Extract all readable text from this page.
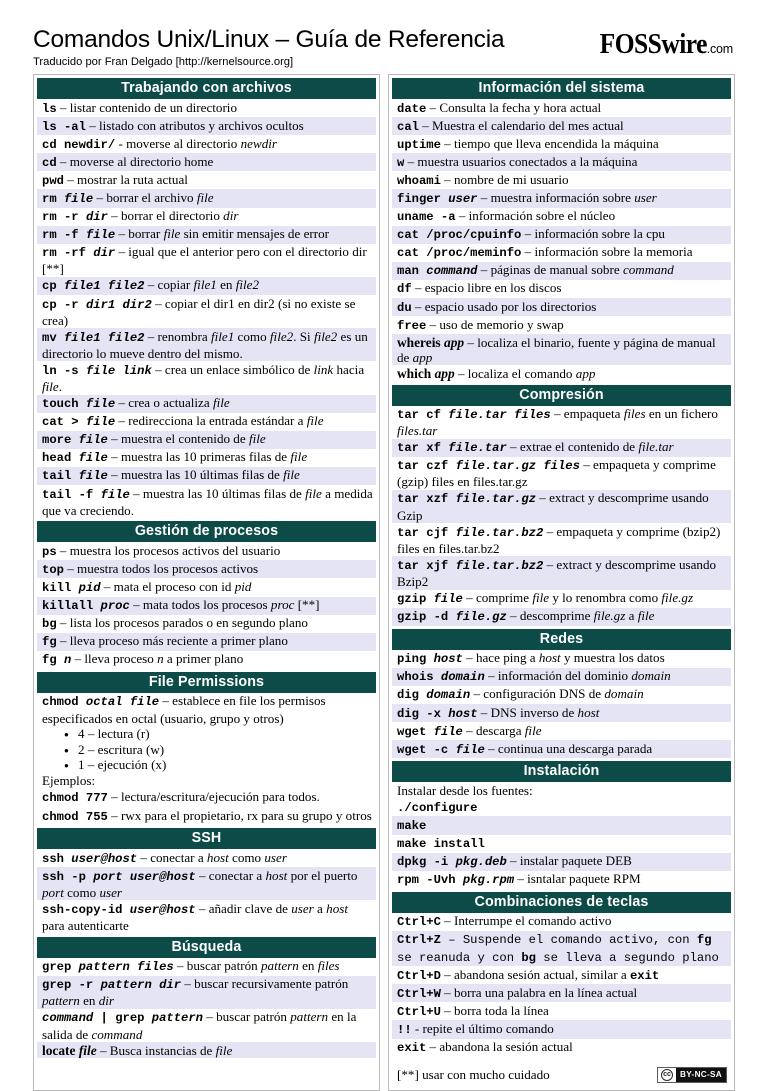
Comandos Unix/Linux – Guía de Referencia
Traducido por Fran Delgado [http://kernelsource.org]
FOSSwire.com
Trabajando con archivos
ls – listar contenido de un directorio
ls -al – listado con atributos y archivos ocultos
cd newdir/ - moverse al directorio newdir
cd – moverse al directorio home
pwd – mostrar la ruta actual
rm file – borrar el archivo file
rm -r dir – borrar el directorio dir
rm -f file – borrar file sin emitir mensajes de error
rm -rf dir – igual que el anterior pero con el directorio dir [**]
cp file1 file2 – copiar file1 en file2
cp -r dir1 dir2 – copiar el dir1 en dir2 (si no existe se crea)
mv file1 file2 – renombra file1 como file2. Si file2 es un directorio lo mueve dentro del mismo.
ln -s file link – crea un enlace simbólico de link hacia file.
touch file – crea o actualiza file
cat > file – redirecciona la entrada estándar a file
more file – muestra el contenido de file
head file – muestra las 10 primeras filas de file
tail file – muestra las 10 últimas filas de file
tail -f file – muestra las 10 últimas filas de file a medida que va creciendo.
Gestión de procesos
ps – muestra los procesos activos del usuario
top – muestra todos los procesos activos
kill pid – mata el proceso con id pid
killall proc – mata todos los procesos proc [**]
bg – lista los procesos parados o en segundo plano
fg – lleva proceso más reciente a primer plano
fg n – lleva proceso n a primer plano
File Permissions
chmod octal file – establece en file los permisos especificados en octal (usuario, grupo y otros)
● 4 – lectura (r)
● 2 – escritura (w)
● 1 – ejecución (x)
Ejemplos:
chmod 777 – lectura/escritura/ejecución para todos.
chmod 755 – rwx para el propietario, rx para su grupo y otros
SSH
ssh user@host – conectar a host como user
ssh -p port user@host – conectar a host por el puerto port como user
ssh-copy-id user@host – añadir clave de user a host para autenticarte
Búsqueda
grep pattern files – buscar patrón pattern en files
grep -r pattern dir – buscar recursivamente patrón pattern en dir
command | grep pattern – buscar patrón pattern en la salida de command
locate file – Busca instancias de file
Información del sistema
date – Consulta la fecha y hora actual
cal – Muestra el calendario del mes actual
uptime – tiempo que lleva encendida la máquina
w – muestra usuarios conectados a la máquina
whoami – nombre de mi usuario
finger user – muestra información sobre user
uname -a – información sobre el núcleo
cat /proc/cpuinfo – información sobre la cpu
cat /proc/meminfo – información sobre la memoria
man command – páginas de manual sobre command
df – espacio libre en los discos
du – espacio usado por los directorios
free – uso de memorio y swap
whereis app – localiza el binario, fuente y página de manual de app
which app – localiza el comando app
Compresión
tar cf file.tar files – empaqueta files en un fichero files.tar
tar xf file.tar – extrae el contenido de file.tar
tar czf file.tar.gz files – empaqueta y comprime (gzip) files en files.tar.gz
tar xzf file.tar.gz – extract y descomprime usando Gzip
tar cjf file.tar.bz2 – empaqueta y comprime (bzip2) files en files.tar.bz2
tar xjf file.tar.bz2 – extract y descomprime usando Bzip2
gzip file – comprime file y lo renombra como file.gz
gzip -d file.gz – descomprime file.gz a file
Redes
ping host – hace ping a host y muestra los datos
whois domain – información del dominio domain
dig domain – configuración DNS de domain
dig -x host – DNS inverso de host
wget file – descarga file
wget -c file – continua una descarga parada
Instalación
Instalar desde los fuentes:
./configure
make
make install
dpkg -i pkg.deb – instalar paquete DEB
rpm -Uvh pkg.rpm – isntalar paquete RPM
Combinaciones de teclas
Ctrl+C – Interrumpe el comando activo
Ctrl+Z – Suspende el comando activo, con fg se reanuda y con bg se lleva a segundo plano
Ctrl+D – abandona sesión actual, similar a exit
Ctrl+W – borra una palabra en la línea actual
Ctrl+U – borra toda la línea
!! - repite el último comando
exit – abandona la sesión actual
[**] usar con mucho cuidado	cc	BY-NC-SA
